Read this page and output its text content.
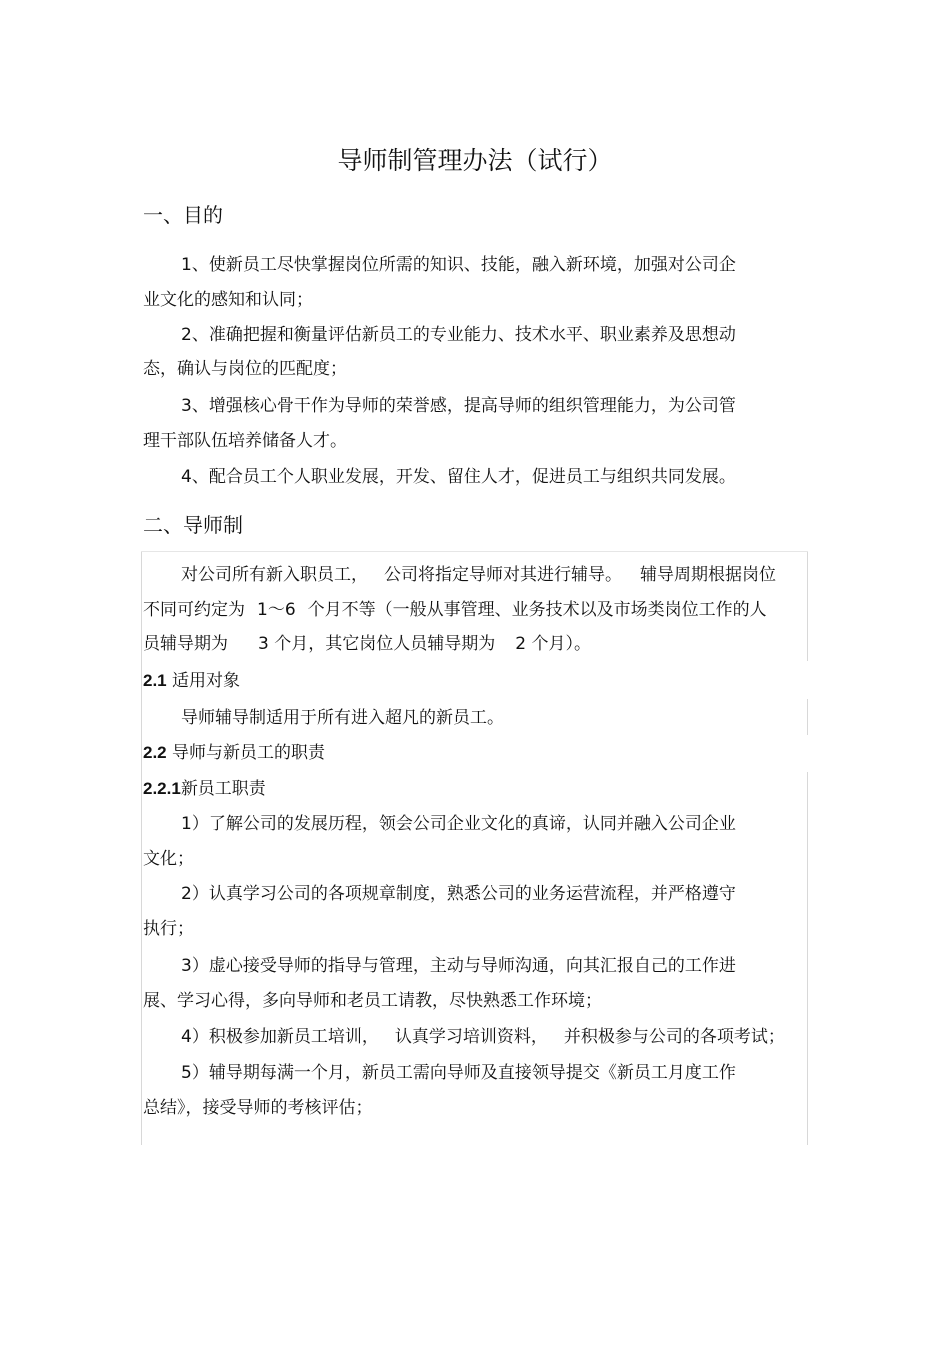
导师制管理办法（试行）
一、目的
1、使新员工尽快掌握岗位所需的知识、技能，融入新环境，加强对公司企
业文化的感知和认同；
2、准确把握和衡量评估新员工的专业能力、技术水平、职业素养及思想动
态，确认与岗位的匹配度；
3、增强核心骨干作为导师的荣誉感，提高导师的组织管理能力，为公司管
理干部队伍培养储备人才。
4、配合员工个人职业发展，开发、留住人才，促进员工与组织共同发展。
二、导师制
对公司所有新入职员工， 公司将指定导师对其进行辅导。 辅导周期根据岗位
不同可约定为 1～6 个月不等（一般从事管理、业务技术以及市场类岗位工作的人
员辅导期为 3 个月，其它岗位人员辅导期为 2 个月）。
2.1 适用对象
导师辅导制适用于所有进入超凡的新员工。
2.2 导师与新员工的职责
2.2.1新员工职责
1）了解公司的发展历程，领会公司企业文化的真谛，认同并融入公司企业
文化；
2）认真学习公司的各项规章制度，熟悉公司的业务运营流程，并严格遵守
执行；
3）虚心接受导师的指导与管理，主动与导师沟通，向其汇报自己的工作进
展、学习心得，多向导师和老员工请教，尽快熟悉工作环境；
4）积极参加新员工培训， 认真学习培训资料， 并积极参与公司的各项考试；
5）辅导期每满一个月，新员工需向导师及直接领导提交《新员工月度工作
总结》，接受导师的考核评估；
